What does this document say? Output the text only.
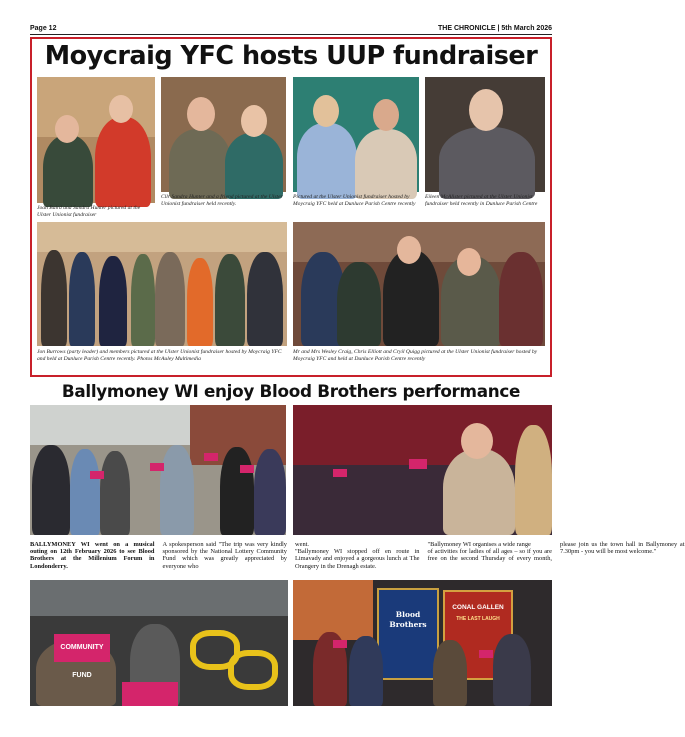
Page 12	THE CHRONICLE | 5th March 2026
Moycraig YFC hosts UUP fundraiser
Joan Baird and Sandra Hunter pictured at the Ulster Unionist fundraiser
Cllr Sandra Hunter and a friend pictured at the Ulster Unionist fundraiser held recently.
Pictured at the Ulster Unionist fundraiser hosted by Moycraig YFC held at Dunluce Parish Centre recently
Eileen McAlister pictured at the Ulster Unionist fundraiser held recently in Dunluce Parish Centre
Jon Burrows (party leader) and members pictured at the Ulster Unionist fundraiser hosted by Moycraig YFC and held at Dunluce Parish Centre recently. Photos McAuley Multimedia
Mr and Mrs Wesley Craig, Chris Elliott and Cryil Quigg pictured at the Ulster Unionist fundraiser hosted by Moycraig YFC and held at Dunluce Parish Centre recently
Ballymoney WI enjoy Blood Brothers performance

BALLYMONEY WI went on a musical outing on 12th February 2026 to see Blood Brothers at the Millenium Forum in Londonderry.

A spokesperson said "The trip was very kindly sponsored by the National Lottery Community Fund which was greatly appreciated by everyone who

went.

"Ballymoney WI stopped off en route in Limavady and enjoyed a gorgeous lunch at The Orangery in the Drenagh estate.

"Ballymoney WI organises a wide range

of activities for ladies of all ages – so if you are free on the second Thursday of every month, please join us the town hall in Ballymoney at 7.30pm - you will be most welcome."

COMMUNITY FUND
Blood Brothers
CONAL GALLEN
THE LAST LAUGH
